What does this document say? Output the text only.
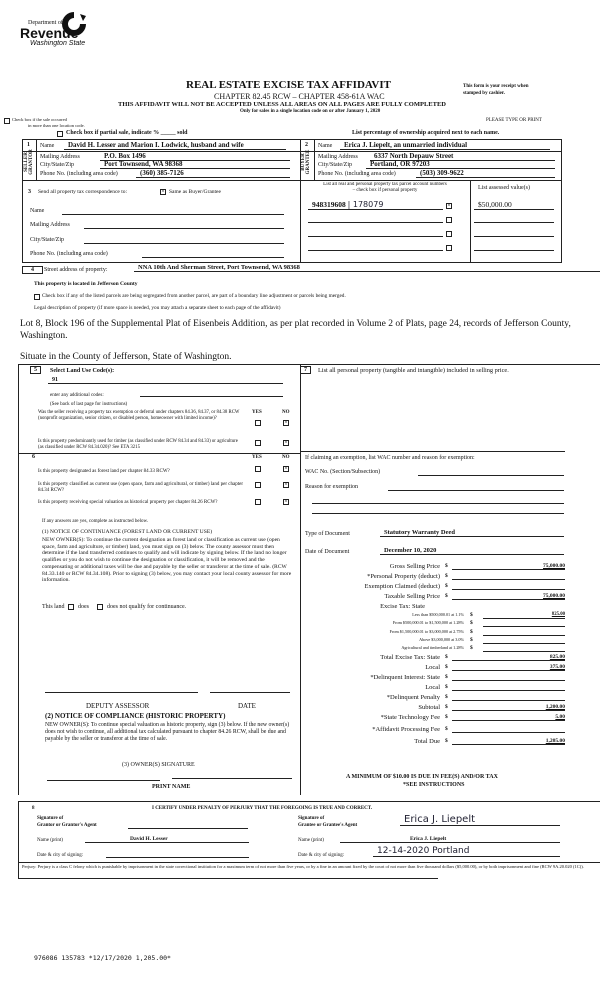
Department of
Revenue
Washington State
REAL ESTATE EXCISE TAX AFFIDAVIT
CHAPTER 82.45 RCW – CHAPTER 458-61A WAC
THIS AFFIDAVIT WILL NOT BE ACCEPTED UNLESS ALL AREAS ON ALL PAGES ARE FULLY COMPLETED
Only for sales in a single location code on or after January 1, 2020
This form is your receipt when
stamped by cashier.
PLEASE TYPE OR PRINT
Check box if the sale occurred
in more than one location code.
Check box if partial sale, indicate % _____ sold	List percentage of ownership acquired next to each name.
1 Name	David H. Lesser and Marion I. Lodwick, husband and wife
SELLER GRANTOR Mailing Address	P.O. Box 1496
City/State/Zip	Port Townsend, WA 98368
Phone No. (including area code)	(360) 385-7126
2 Name	Erica J. Liepelt, an unmarried individual
BUYER GRANTEE Mailing Address	6337 North Depauw Street
City/State/Zip	Portland, OR 97203
Phone No. (including area code)	(503) 309-9622
3 Send all property tax correspondence to:	× Same as Buyer/Grantee
Name
Mailing Address
City/State/Zip
Phone No. (including area code)
List all real and personal property tax parcel account numbers
– check box if personal property	List assessed value(s)
948319608 | 178079	×	$50,000.00
4	Street address of property:	NNA 10th And Sherman Street, Port Townsend, WA 98368
This property is located in Jefferson County
Check box if any of the listed parcels are being segregated from another parcel, are part of a boundary line adjustment or parcels being merged.
Legal description of property (if more space is needed, you may attach a separate sheet to each page of the affidavit)
Lot 8, Block 196 of the Supplemental Plat of Eisenbeis Addition, as per plat recorded in Volume 2 of Plats, page 24, records of Jefferson County, Washington.
Situate in the County of Jefferson, State of Washington.
5	Select Land Use Code(s):
91
enter any additional codes:
(See back of last page for instructions)
YES	NO
Was the seller receiving a property tax exemption or deferral under chapters 84.36, 84.37, or 84.38 RCW (nonprofit organization, senior citizen, or disabled person, homeowner with limited income)?
×
Is this property predominantly used for timber (as classified under RCW 84.34 and 84.33) or agriculture (as classified under RCW 84.34.020)? See ETA 3215
×
6	YES	NO
Is this property designated as forest land per chapter 84.33 RCW?	×
Is this property classified as current use (open space, farm and agricultural, or timber) land per chapter 84.34 RCW?
×
Is this property receiving special valuation as historical property per chapter 84.26 RCW?	×
If any answers are yes, complete as instructed below.
(1) NOTICE OF CONTINUANCE (FOREST LAND OR CURRENT USE)
NEW OWNER(S): To continue the current designation as forest land or classification as current use (open space, farm and agriculture, or timber) land, you must sign on (3) below. The county assessor must then determine if the land transferred continues to qualify and will indicate by signing below. If the land no longer qualifies or you do not wish to continue the designation or classification, it will be removed and the compensating or additional taxes will be due and payable by the seller or transferor at the time of sale. (RCW 84.33.140 or RCW 84.34.108). Prior to signing (3) below, you may contact your local county assessor for more information.
This land does	does not qualify for continuance.
DEPUTY ASSESSOR	DATE
(2) NOTICE OF COMPLIANCE (HISTORIC PROPERTY)
NEW OWNER(S): To continue special valuation as historic property, sign (3) below. If the new owner(s) does not wish to continue, all additional tax calculated pursuant to chapter 84.26 RCW, shall be due and payable by the seller or transferor at the time of sale.
(3) OWNER(S) SIGNATURE
PRINT NAME
7	List all personal property (tangible and intangible) included in selling price.
If claiming an exemption, list WAC number and reason for exemption:
WAC No. (Section/Subsection)
Reason for exemption
Type of Document	Statutory Warranty Deed
Date of Document	December 10, 2020
Gross Selling Price $	75,000.00
*Personal Property (deduct) $
Exemption Claimed (deduct) $
Taxable Selling Price $	75,000.00
Excise Tax: State
Less than $500,000.01 at 1.1% $	825.00
From $500,000.01 to $1,500,000 at 1.28% $
From $1,500,000.01 to $3,000,000 at 2.75% $
Above $3,000,000 at 3.0% $
Agricultural and timberland at 1.28% $
Total Excise Tax: State $	825.00
Local $	375.00
*Delinquent Interest: State $
Local $
*Delinquent Penalty $
Subtotal $	1,200.00
*State Technology Fee $	5.00
*Affidavit Processing Fee $
Total Due $	1,205.00
A MINIMUM OF $10.00 IS DUE IN FEE(S) AND/OR TAX
*SEE INSTRUCTIONS
8	I CERTIFY UNDER PENALTY OF PERJURY THAT THE FOREGOING IS TRUE AND CORRECT.
Signature of
Grantor or Grantor's Agent
Signature of
Grantee or Grantee's Agent
Erica J. Liepelt
Name (print)	David H. Lesser	Name (print)	Erica J. Liepelt
Date & city of signing:	Date & city of signing:	12-14-2020 Portland
Perjury: Perjury is a class C felony which is punishable by imprisonment in the state correctional institution for a maximum term of not more than five years, or by a fine in an amount fixed by the court of not more than five thousand dollars ($5,000.00), or by both imprisonment and fine (RCW 9A.20.020 (1C)).
976086 135783 *12/17/2020 1,205.00*
